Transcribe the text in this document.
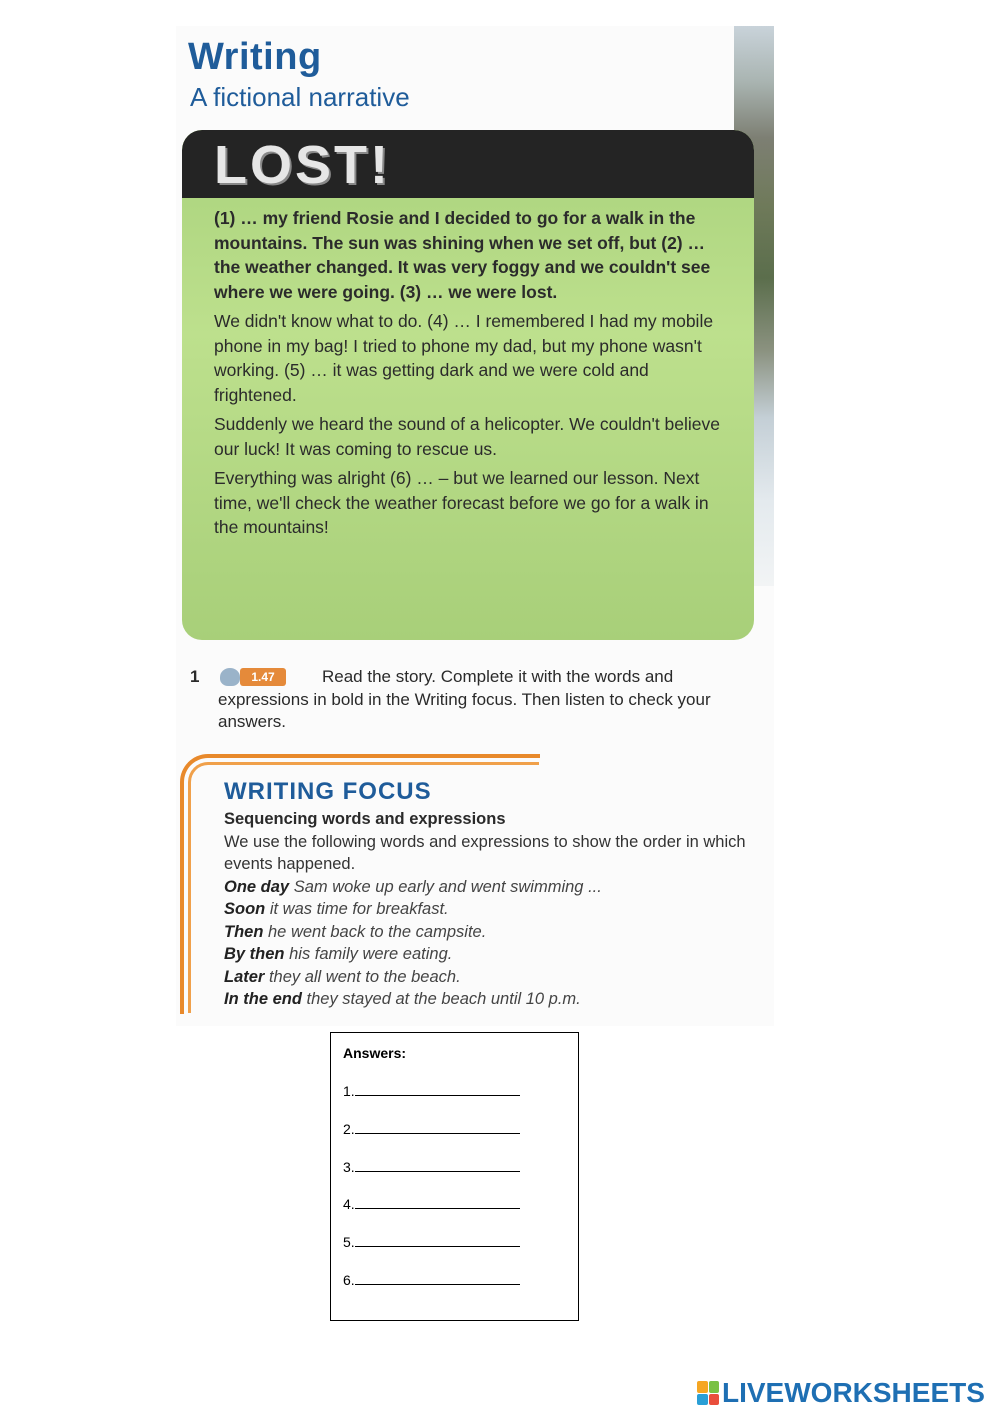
Writing
A fictional narrative
LOST!

(1) … my friend Rosie and I decided to go for a walk in the mountains. The sun was shining when we set off, but (2) … the weather changed. It was very foggy and we couldn't see where we were going. (3) … we were lost.

We didn't know what to do. (4) … I remembered I had my mobile phone in my bag! I tried to phone my dad, but my phone wasn't working. (5) … it was getting dark and we were cold and frightened.

Suddenly we heard the sound of a helicopter. We couldn't believe our luck! It was coming to rescue us.

Everything was alright (6) … – but we learned our lesson. Next time, we'll check the weather forecast before we go for a walk in the mountains!

1	1.47	Read the story. Complete it with the words and expressions in bold in the Writing focus. Then listen to check your answers.
WRITING FOCUS
Sequencing words and expressions
We use the following words and expressions to show the order in which events happened.
One day Sam woke up early and went swimming ...
Soon it was time for breakfast.
Then he went back to the campsite.
By then his family were eating.
Later they all went to the beach.
In the end they stayed at the beach until 10 p.m.
Answers:
1.
2.
3.
4.
5.
6.
LIVEWORKSHEETS
